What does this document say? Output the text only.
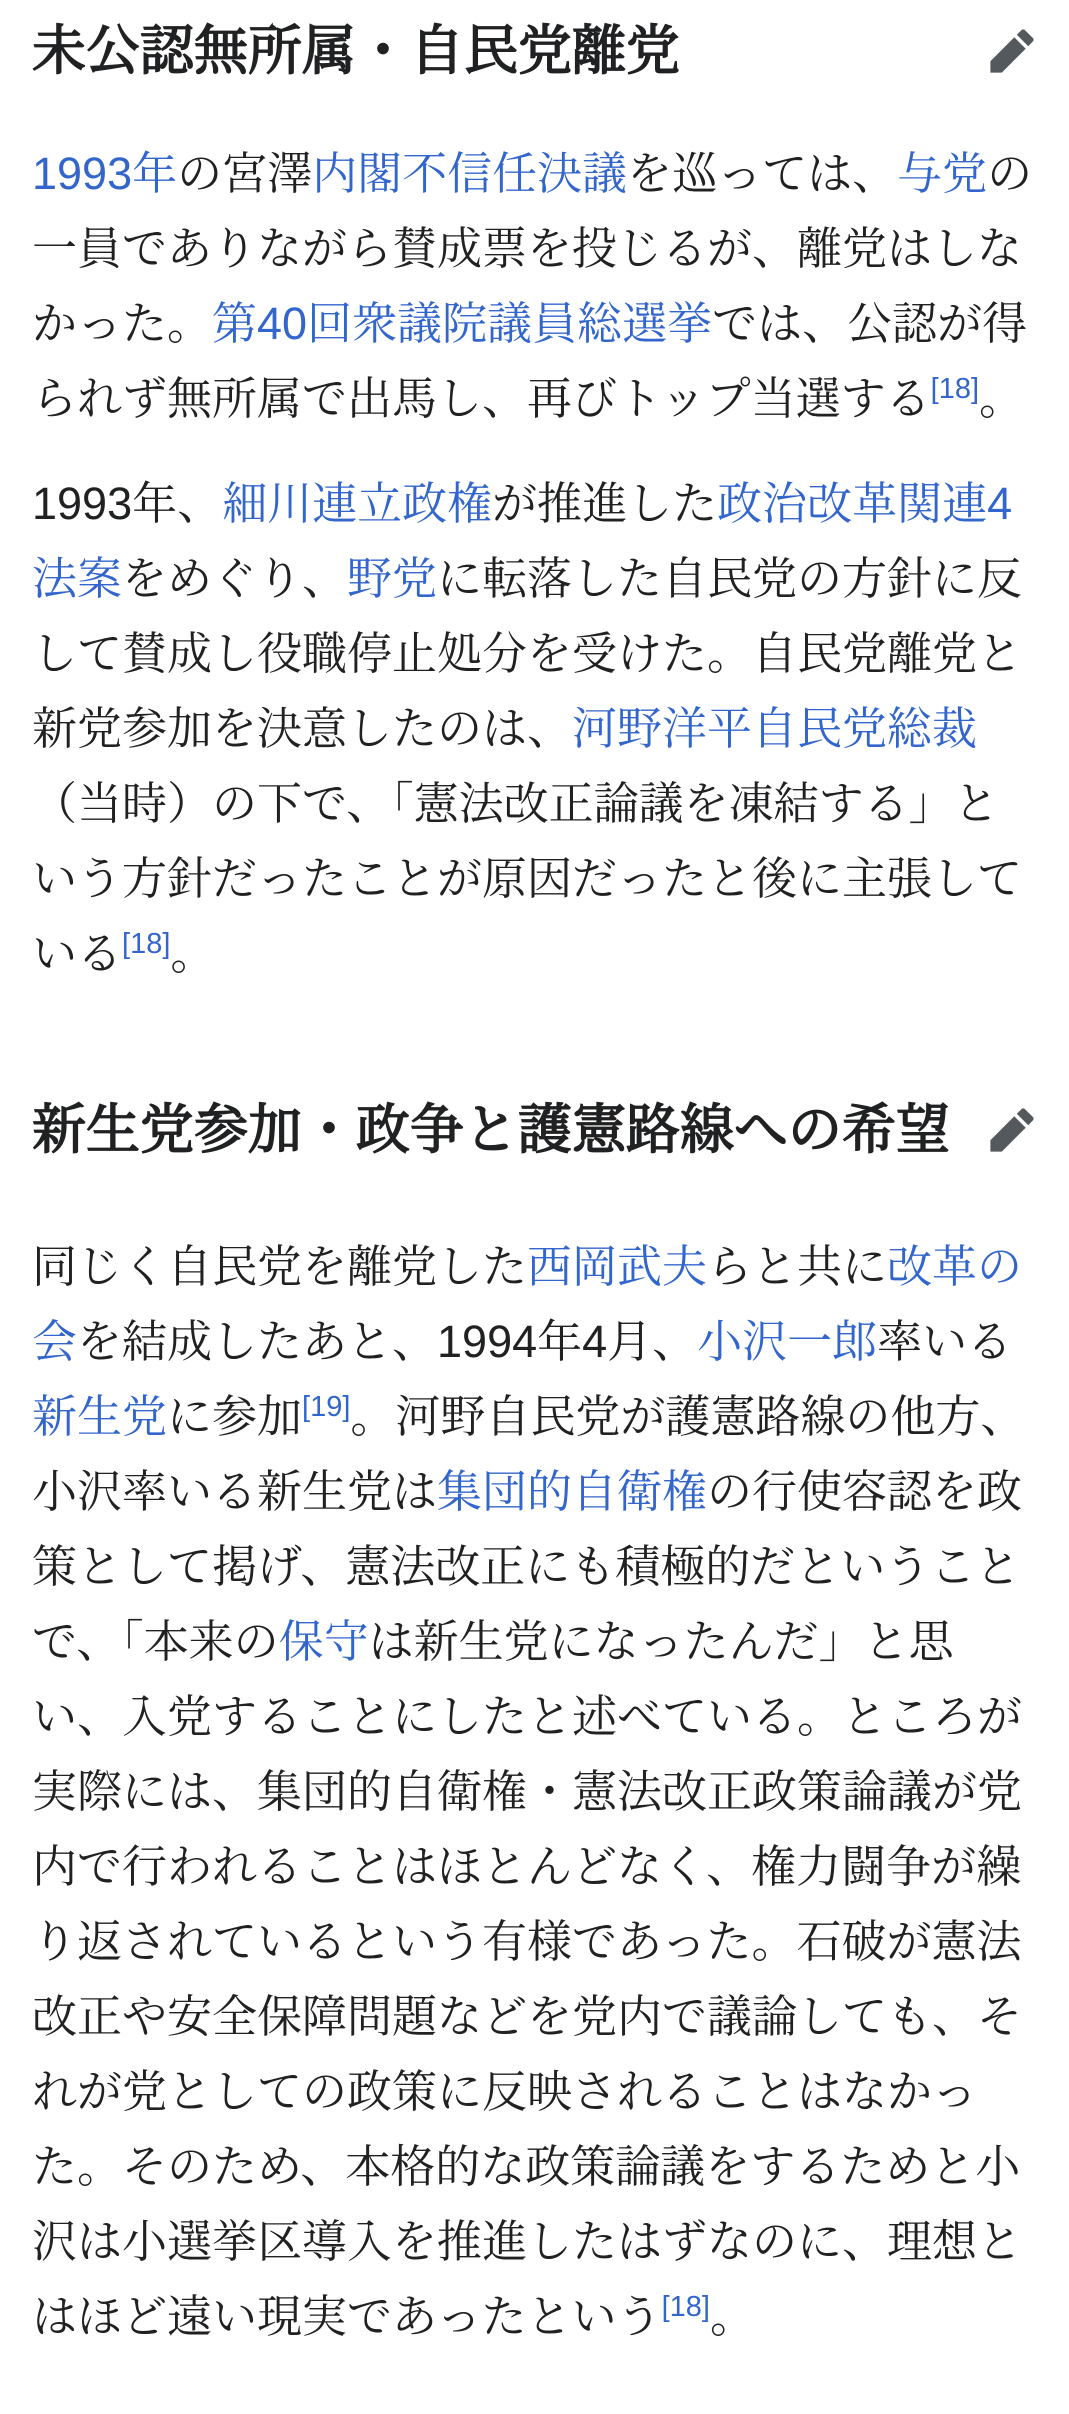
未公認無所属・自民党離党

1993年の宮澤内閣不信任決議を巡っては、与党の一員でありながら賛成票を投じるが、離党はしなかった。第40回衆議院議員総選挙では、公認が得られず無所属で出馬し、再びトップ当選する[18]。

1993年、細川連立政権が推進した政治改革関連4法案をめぐり、野党に転落した自民党の方針に反して賛成し役職停止処分を受けた。自民党離党と新党参加を決意したのは、河野洋平自民党総裁（当時）の下で、「憲法改正論議を凍結する」という方針だったことが原因だったと後に主張している[18]。

新生党参加・政争と護憲路線への希望

同じく自民党を離党した西岡武夫らと共に改革の会を結成したあと、1994年4月、小沢一郎率いる新生党に参加[19]。河野自民党が護憲路線の他方、小沢率いる新生党は集団的自衛権の行使容認を政策として掲げ、憲法改正にも積極的だということで、「本来の保守は新生党になったんだ」と思い、入党することにしたと述べている。ところが実際には、集団的自衛権・憲法改正政策論議が党内で行われることはほとんどなく、権力闘争が繰り返されているという有様であった。石破が憲法改正や安全保障問題などを党内で議論しても、それが党としての政策に反映されることはなかった。そのため、本格的な政策論議をするためと小沢は小選挙区導入を推進したはずなのに、理想とはほど遠い現実であったという[18]。
